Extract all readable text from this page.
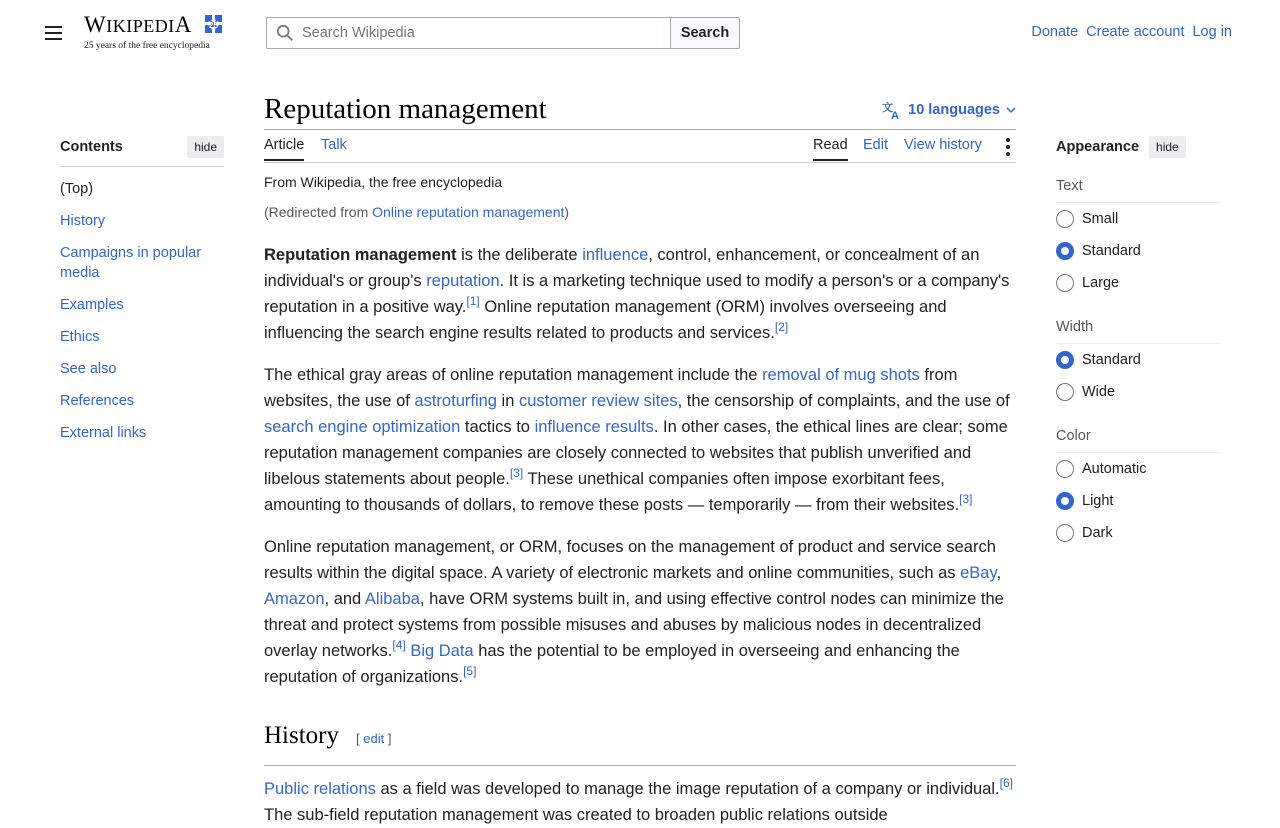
WIKIPEDIA 25
25 years of the free encyclopedia
Search Wikipedia
Search	Donate Create account Log in
Contents	hide
(Top)
History
Campaigns in popular media
Examples
Ethics
See also
References
External links
Reputation management	文
A 10 languages
Article Talk	Read Edit View history
From Wikipedia, the free encyclopedia
(Redirected from Online reputation management)

Reputation management is the deliberate influence, control, enhancement, or concealment of an individual's or group's reputation. It is a marketing technique used to modify a person's or a company's reputation in a positive way.[1] Online reputation management (ORM) involves overseeing and influencing the search engine results related to products and services.[2]

The ethical gray areas of online reputation management include the removal of mug shots from websites, the use of astroturfing in customer review sites, the censorship of complaints, and the use of search engine optimization tactics to influence results. In other cases, the ethical lines are clear; some reputation management companies are closely connected to websites that publish unverified and libelous statements about people.[3] These unethical companies often impose exorbitant fees, amounting to thousands of dollars, to remove these posts — temporarily — from their websites.[3]

Online reputation management, or ORM, focuses on the management of product and service search results within the digital space. A variety of electronic markets and online communities, such as eBay, Amazon, and Alibaba, have ORM systems built in, and using effective control nodes can minimize the threat and protect systems from possible misuses and abuses by malicious nodes in decentralized overlay networks.[4] Big Data has the potential to be employed in overseeing and enhancing the reputation of organizations.[5]

History [ edit ]

Public relations as a field was developed to manage the image reputation of a company or individual.[6] The sub-field reputation management was created to broaden public relations outside

Appearance	hide
Text
Small
Standard
Large
Width
Standard
Wide
Color
Automatic
Light
Dark
